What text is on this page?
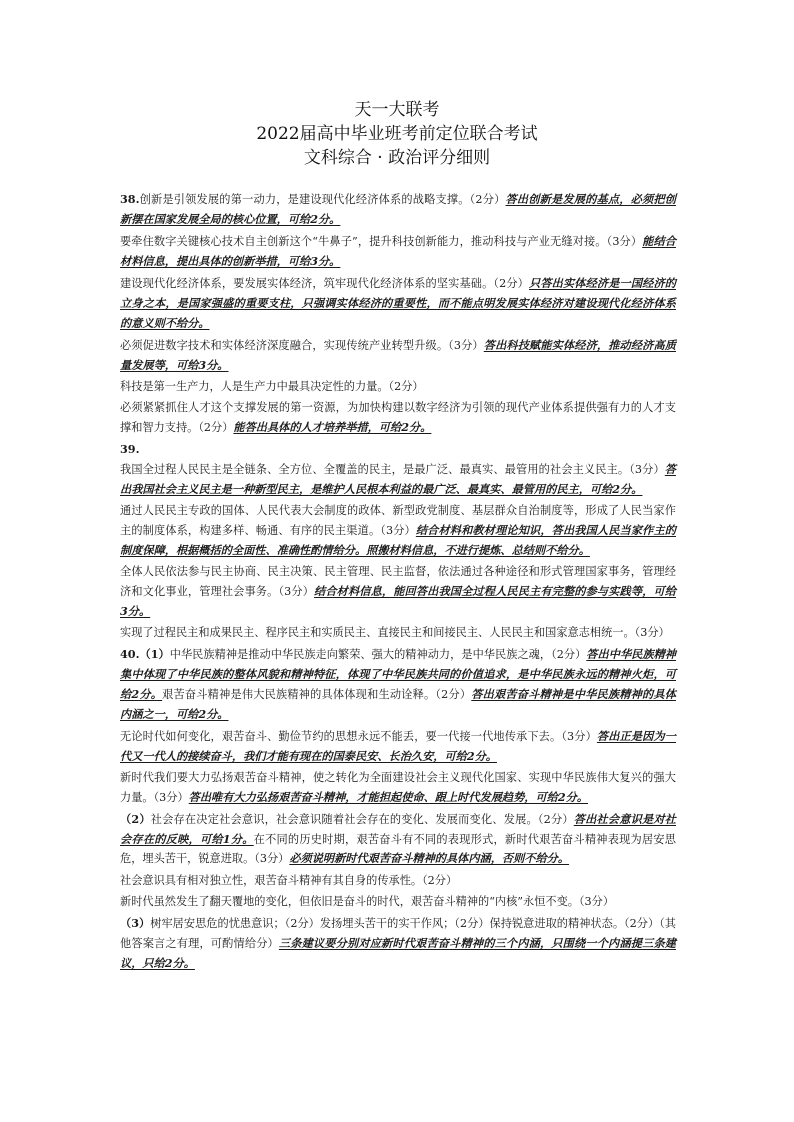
天一大联考
2022届高中毕业班考前定位联合考试
文科综合 · 政治评分细则

38.创新是引领发展的第一动力，是建设现代化经济体系的战略支撑。（2分）答出创新是发展的基点，必须把创新摆在国家发展全局的核心位置，可给2分。

要牵住数字关键核心技术自主创新这个“牛鼻子”，提升科技创新能力，推动科技与产业无缝对接。（3分）能结合材料信息，提出具体的创新举措，可给3分。

建设现代化经济体系，要发展实体经济，筑牢现代化经济体系的坚实基础。（2分）只答出实体经济是一国经济的立身之本，是国家强盛的重要支柱，只强调实体经济的重要性，而不能点明发展实体经济对建设现代化经济体系的意义则不给分。

必须促进数字技术和实体经济深度融合，实现传统产业转型升级。（3分）答出科技赋能实体经济，推动经济高质量发展等，可给3分。

科技是第一生产力，人是生产力中最具决定性的力量。（2分）

必须紧紧抓住人才这个支撑发展的第一资源，为加快构建以数字经济为引领的现代产业体系提供强有力的人才支撑和智力支持。（2分）能答出具体的人才培养举措，可给2分。

39.我国全过程人民民主是全链条、全方位、全覆盖的民主，是最广泛、最真实、最管用的社会主义民主。（3分）答出我国社会主义民主是一种新型民主，是维护人民根本利益的最广泛、最真实、最管用的民主，可给2分。

通过人民民主专政的国体、人民代表大会制度的政体、新型政党制度、基层群众自治制度等，形成了人民当家作主的制度体系，构建多样、畅通、有序的民主渠道。（3分）结合材料和教材理论知识，答出我国人民当家作主的制度保障，根据概括的全面性、准确性酌情给分。照搬材料信息，不进行提炼、总结则不给分。

全体人民依法参与民主协商、民主决策、民主管理、民主监督，依法通过各种途径和形式管理国家事务，管理经济和文化事业，管理社会事务。（3分）结合材料信息，能回答出我国全过程人民民主有完整的参与实践等，可给3分。

实现了过程民主和成果民主、程序民主和实质民主、直接民主和间接民主、人民民主和国家意志相统一。（3分）

40.（1）中华民族精神是推动中华民族走向繁荣、强大的精神动力，是中华民族之魂，（2分）答出中华民族精神集中体现了中华民族的整体风貌和精神特征，体现了中华民族共同的价值追求，是中华民族永远的精神火炬，可给2分。艰苦奋斗精神是伟大民族精神的具体体现和生动诠释。（2分）答出艰苦奋斗精神是中华民族精神的具体内涵之一，可给2分。

无论时代如何变化，艰苦奋斗、勤俭节约的思想永远不能丢，要一代接一代地传承下去。（3分）答出正是因为一代又一代人的接续奋斗，我们才能有现在的国泰民安、长治久安，可给2分。

新时代我们要大力弘扬艰苦奋斗精神，使之转化为全面建设社会主义现代化国家、实现中华民族伟大复兴的强大力量。（3分）答出唯有大力弘扬艰苦奋斗精神，才能担起使命、跟上时代发展趋势，可给2分。

（2）社会存在决定社会意识，社会意识随着社会存在的变化、发展而变化、发展。（2分）答出社会意识是对社会存在的反映，可给1分。在不同的历史时期，艰苦奋斗有不同的表现形式，新时代艰苦奋斗精神表现为居安思危，埋头苦干，锐意进取。（3分）必须说明新时代艰苦奋斗精神的具体内涵，否则不给分。

社会意识具有相对独立性，艰苦奋斗精神有其自身的传承性。（2分）

新时代虽然发生了翻天覆地的变化，但依旧是奋斗的时代，艰苦奋斗精神的“内核”永恒不变。（3分）

（3）树牢居安思危的忧患意识；（2分）发扬埋头苦干的实干作风；（2分）保持锐意进取的精神状态。（2分）（其他答案言之有理，可酌情给分）三条建议要分别对应新时代艰苦奋斗精神的三个内涵，只围绕一个内涵提三条建议，只给2分。
